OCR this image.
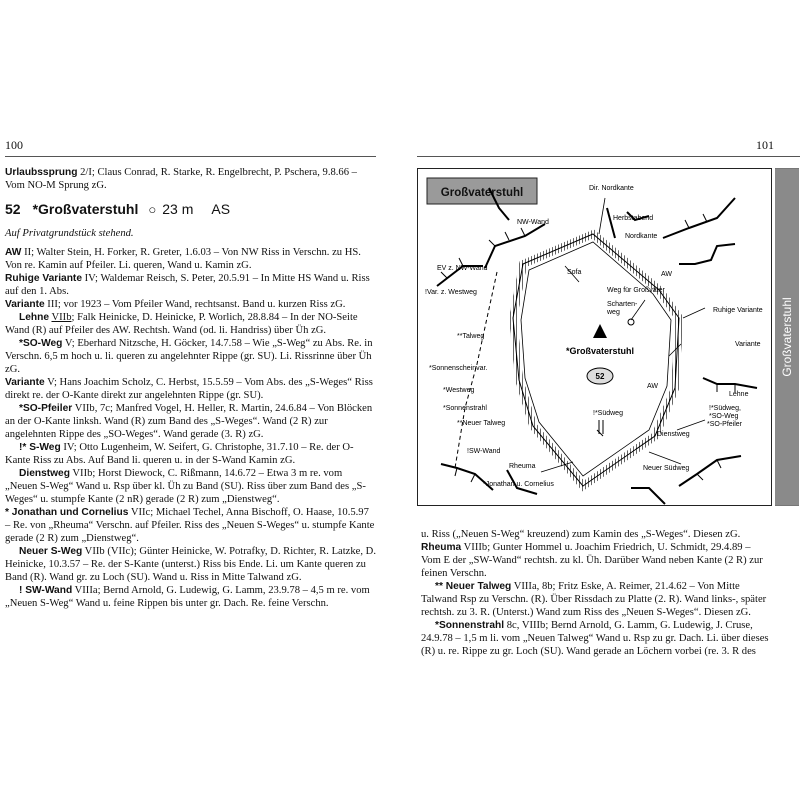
100	101

Urlaubssprung 2/I; Claus Conrad, R. Starke, R. Engelbrecht, P. Pschera, 9.8.66 – Vom NO-M Sprung zG.

52 *Großvaterstuhl ○ 23 m AS

Auf Privatgrundstück stehend.

AW II; Walter Stein, H. Forker, R. Greter, 1.6.03 – Von NW Riss in Verschn. zu HS. Von re. Kamin auf Pfeiler. Li. queren, Wand u. Kamin zG.

Ruhige Variante IV; Waldemar Reisch, S. Peter, 20.5.91 – In Mitte HS Wand u. Riss auf den 1. Abs.

Variante III; vor 1923 – Vom Pfeiler Wand, rechtsanst. Band u. kurzen Riss zG.

Lehne VIIb; Falk Heinicke, D. Heinicke, P. Worlich, 28.8.84 – In der NO-Seite Wand (R) auf Pfeiler des AW. Rechtsh. Wand (od. li. Handriss) über Üh zG.

*SO-Weg V; Eberhard Nitzsche, H. Göcker, 14.7.58 – Wie „S-Weg“ zu Abs. Re. in Verschn. 6,5 m hoch u. li. queren zu angelehnter Rippe (gr. SU). Li. Rissrinne über Üh zG.

Variante V; Hans Joachim Scholz, C. Herbst, 15.5.59 – Vom Abs. des „S-Weges“ Riss direkt re. der O-Kante direkt zur angelehnten Rippe (gr. SU).

*SO-Pfeiler VIIb, 7c; Manfred Vogel, H. Heller, R. Martin, 24.6.84 – Von Blöcken an der O-Kante linksh. Wand (R) zum Band des „S-Weges“. Wand (2 R) zur angelehnten Rippe des „SO-Weges“. Wand gerade (3. R) zG.

!* S-Weg IV; Otto Lugenheim, W. Seifert, G. Christophe, 31.7.10 – Re. der O-Kante Riss zu Abs. Auf Band li. queren u. in der S-Wand Kamin zG.

Dienstweg VIIb; Horst Diewock, C. Rißmann, 14.6.72 – Etwa 3 m re. vom „Neuen S-Weg“ Wand u. Rsp über kl. Üh zu Band (SU). Riss über zum Band des „S-Weges“ u. stumpfe Kante (2 nR) gerade (2 R) zum „Dienstweg“.

* Jonathan und Cornelius VIIc; Michael Techel, Anna Bischoff, O. Haase, 10.5.97 – Re. von „Rheuma“ Verschn. auf Pfeiler. Riss des „Neuen S-Weges“ u. stumpfe Kante gerade (2 R) zum „Dienstweg“.

Neuer S-Weg VIIb (VIIc); Günter Heinicke, W. Potrafky, D. Richter, R. Latzke, D. Heinicke, 10.3.57 – Re. der S-Kante (unterst.) Riss bis Ende. Li. um Kante queren zu Band (R). Wand gr. zu Loch (SU). Wand u. Riss in Mitte Talwand zG.

! SW-Wand VIIIa; Bernd Arnold, G. Ludewig, G. Lamm, 23.9.78 – 4,5 m re. vom „Neuen S-Weg“ Wand u. feine Rippen bis unter gr. Dach. Re. feine Verschn.

u. Riss („Neuen S-Weg“ kreuzend) zum Kamin des „S-Weges“. Diesen zG.

Rheuma VIIIb; Gunter Hommel u. Joachim Friedrich, U. Schmidt, 29.4.89 – Vom E der „SW-Wand“ rechtsh. zu kl. Üh. Darüber Wand neben Kante (2 R) zur feinen Verschn.

** Neuer Talweg VIIIa, 8b; Fritz Eske, A. Reimer, 21.4.62 – Von Mitte Talwand Rsp zu Verschn. (R). Über Rissdach zu Platte (2. R). Wand links-, später rechtsh. zu 3. R. (Unterst.) Wand zum Riss des „Neuen S-Weges“. Diesen zG.

*Sonnenstrahl 8c, VIIIb; Bernd Arnold, G. Lamm, G. Ludewig, J. Cruse, 24.9.78 – 1,5 m li. vom „Neuen Talweg“ Wand u. Rsp zu gr. Dach. Li. über dieses (R) u. re. Rippe zu gr. Loch (SU). Wand gerade an Löchern vorbei (re. 3. R des

Großvaterstuhl
Großvaterstuhl
*Großvaterstuhl
52
Dir. Nordkante
Herbstabend
Nordkante
NW-Wand
Sofa
EV z. NW-Wand
!Var. z. Westweg	Weg für Großväter
Scharten-weg
AW
Ruhige Variante
Variante
Lehne
**Talweg
*Sonnenscheinvar.
*Westweg
*Sonnenstrahl
**Neuer Talweg
!SW-Wand
Rheuma
*Jonathan u. Cornelius
!*Südweg
Dienstweg
Neuer Südweg
!*Südweg, *SO-Weg
*SO-Pfeiler
AW
